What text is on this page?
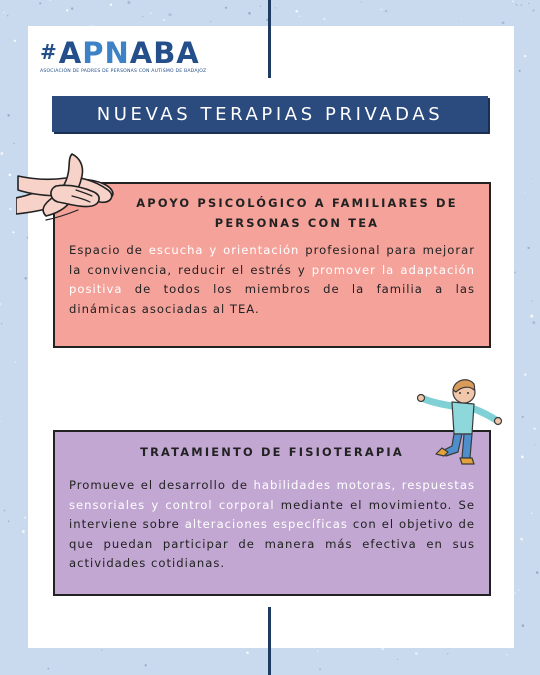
#APNABA
ASOCIACIÓN DE PADRES DE PERSONAS CON AUTISMO DE BADAJOZ
NUEVAS TERAPIAS PRIVADAS
APOYO PSICOLÓGICO A FAMILIARES DE PERSONAS CON TEA
Espacio de escucha y orientación profesional para mejorar la convivencia, reducir el estrés y promover la adaptación positiva de todos los miembros de la familia a las dinámicas asociadas al TEA.
TRATAMIENTO DE FISIOTERAPIA
Promueve el desarrollo de habilidades motoras, respuestas sensoriales y control corporal mediante el movimiento. Se interviene sobre alteraciones específicas con el objetivo de que puedan participar de manera más efectiva en sus actividades cotidianas.
